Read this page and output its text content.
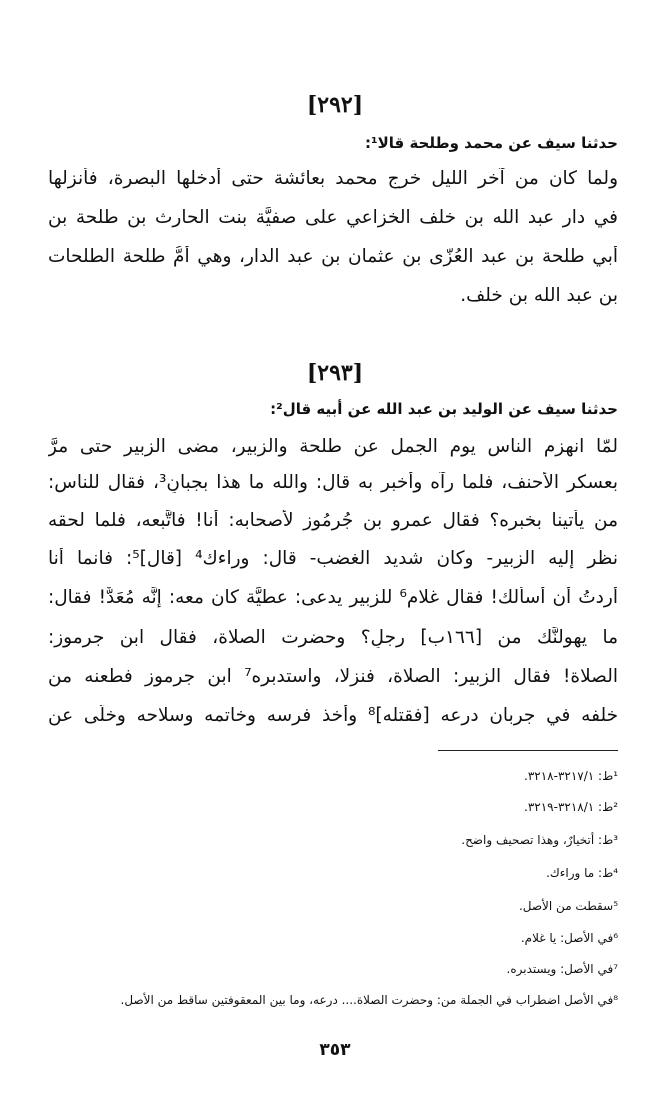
[٢٩٢]
حدثنا سيف عن محمد وطلحة قالا¹:
ولما كان من آخر الليل خرج محمد بعائشة حتى أدخلها البصرة، فأنزلها
في دار عبد الله بن خلف الخزاعي على صفيَّة بنت الحارث بن طلحة بن
أبي طلحة بن عبد العُزّى بن عثمان بن عبد الدار، وهي أمُّ طلحة الطلحات
بن عبد الله بن خلف.
[٢٩٣]
حدثنا سيف عن الوليد بن عبد الله عن أبيه قال²:
لمّا انهزم الناس يوم الجمل عن طلحة والزبير، مضى الزبير حتى مرَّ
بعسكر الأحنف، فلما رآه وأُخبر به قال: والله ما هذا بجبانٍ³، فقال للناس:
من يأتينا بخبره؟ فقال عمرو بن جُرمُوز لأصحابه: أنا! فاتَّبعه، فلما لحقه
نظر إليه الزبير- وكان شديد الغضب- قال: وراءك⁴ [قال]⁵: فانما أنا
أردتُ أن أسألك! فقال غلام⁶ للزبير يدعى: عطيَّة كان معه: إنَّه مُعَدٌّ! فقال:
ما يهولنَّك من [١٦٦ب] رجلٍ؟ وحضرت الصلاة، فقال ابن جرموز:
الصلاة! فقال الزبير: الصلاة، فنزلا، واستدبره⁷ ابن جرموز فطعنه من
خلفه في جربان درعه [فقتله]⁸ وأخذ فرسه وخاتمه وسلاحه وخلّى عن
¹ط: ٣٢١٧/١-٣٢١٨.
²ط: ٣٢١٨/١-٣٢١٩.
³ط: أتخيارٌ، وهذا تصحيف واضح.
⁴ط: ما وراءك.
⁵سقطت من الأصل.
⁶في الأصل: يا غلام.
⁷في الأصل: ويستدبره.
⁸في الأصل اضطراب في الجملة من: وحضرت الصلاة.... درعه، وما بين المعقوفتين ساقط من الأصل.
٣٥٣
